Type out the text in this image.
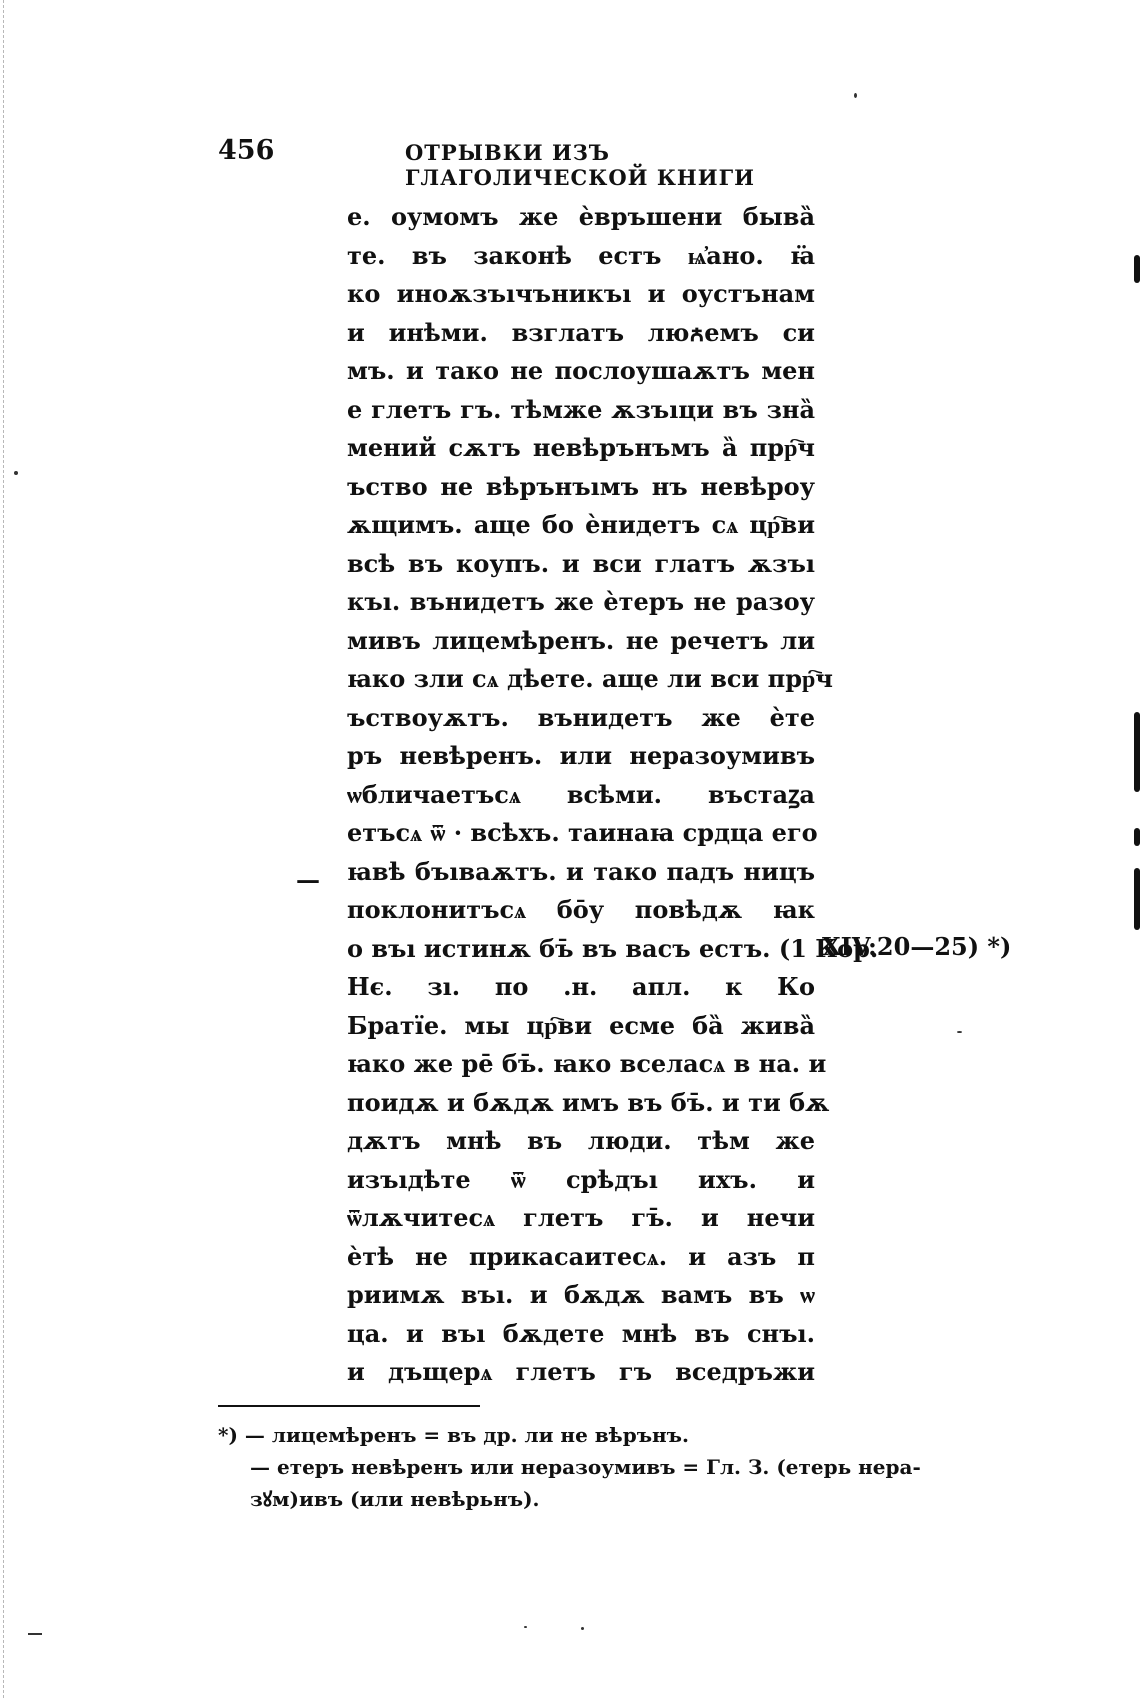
456	ОТРЫВКИ ИЗЪ ГЛАГОЛИЧЕСКОЙ КНИГИ
е. оумомъ же ѐвръшени бывȁ
те. въ законѣ естъ ѩ҆ано. ꙗ̈
ко инoѫзъıчъникъı и оустънам
и инѣми. взглатъ люꙉемъ си
мъ. и тако не послоушаѫтъ мен
е глетъ гъ. тѣмже ѫзъıци въ знȁ
мений сѫтъ невѣрънъмъ ȁ прр҇ч
ъство не вѣрънъıмъ нъ невѣроу
ѫщимъ. аще бо ѐнидетъ сѧ цр҇ви
всѣ въ коупъ. и вси глатъ ѫзъı
къı. вънидетъ же ѐтеръ не разоу
мивъ лицемѣренъ. не речетъ ли
ꙗко зли сѧ дѣете. аще ли вси прр҇ч
ъствоуѫтъ. вънидетъ же ѐте
ръ невѣренъ. или неразоумивъ
ѡбличаетъсѧ всѣми. въстаꙁа
етъсѧ ѿ · всѣхъ. таинаꙗ срдца его
ꙗвѣ бъıваѫтъ. и тако падъ ницъ
поклонитъсѧ бо̄у повѣдѫ ꙗк
о въı истинѫ бъ̄ въ васъ естъ. (1 Кор.
Нє. зı. по .н. апл. к Ко
Братїе. мы цр҇ви есме бȁ живȁ
ꙗко же ре̄ бъ̄. ꙗко вселасѧ в на. и
поидѫ и бѫдѫ имъ въ бъ̄. и ти бѫ
дѫтъ мнѣ въ люди. тѣм же
изъıдѣте ѿ срѣдъı ихъ. и
ѿлѫчитесѧ глетъ гъ̄. и нечи
ѐтѣ не прикасаитесѧ. и азъ п
риимѫ въı. и бѫдѫ вамъ въ ѡ
ца. и въı бѫдете мнѣ въ снъı.
и дъщерѧ глетъ гъ вседръжи
—
XIV:20—25) *)
*) — лицемѣренъ = въ др. ли не вѣрънъ.
— етеръ невѣренъ или неразоумивъ = Гл. З. (етерь нера-
зꙋм)ивъ (или невѣрьнъ).
